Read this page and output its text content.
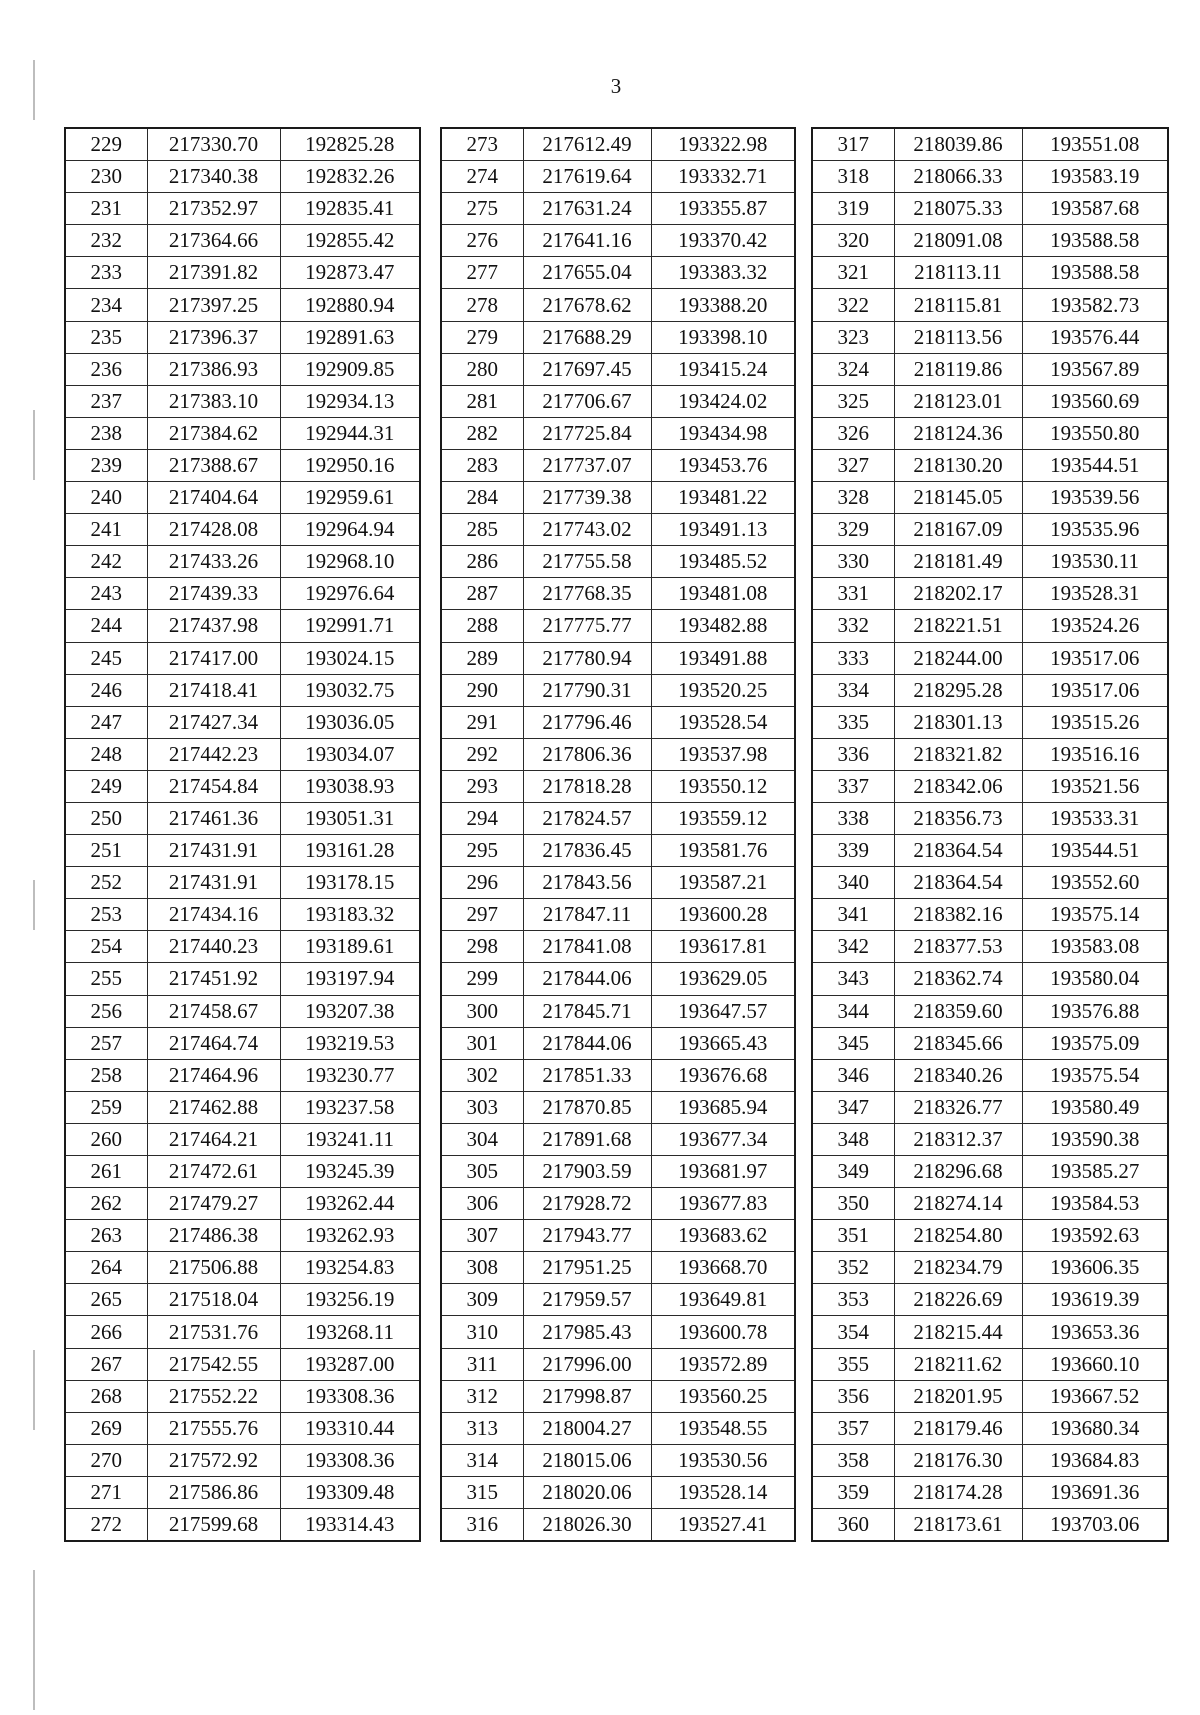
3
229	217330.70	192825.28
230	217340.38	192832.26
231	217352.97	192835.41
232	217364.66	192855.42
233	217391.82	192873.47
234	217397.25	192880.94
235	217396.37	192891.63
236	217386.93	192909.85
237	217383.10	192934.13
238	217384.62	192944.31
239	217388.67	192950.16
240	217404.64	192959.61
241	217428.08	192964.94
242	217433.26	192968.10
243	217439.33	192976.64
244	217437.98	192991.71
245	217417.00	193024.15
246	217418.41	193032.75
247	217427.34	193036.05
248	217442.23	193034.07
249	217454.84	193038.93
250	217461.36	193051.31
251	217431.91	193161.28
252	217431.91	193178.15
253	217434.16	193183.32
254	217440.23	193189.61
255	217451.92	193197.94
256	217458.67	193207.38
257	217464.74	193219.53
258	217464.96	193230.77
259	217462.88	193237.58
260	217464.21	193241.11
261	217472.61	193245.39
262	217479.27	193262.44
263	217486.38	193262.93
264	217506.88	193254.83
265	217518.04	193256.19
266	217531.76	193268.11
267	217542.55	193287.00
268	217552.22	193308.36
269	217555.76	193310.44
270	217572.92	193308.36
271	217586.86	193309.48
272	217599.68	193314.43
273	217612.49	193322.98
274	217619.64	193332.71
275	217631.24	193355.87
276	217641.16	193370.42
277	217655.04	193383.32
278	217678.62	193388.20
279	217688.29	193398.10
280	217697.45	193415.24
281	217706.67	193424.02
282	217725.84	193434.98
283	217737.07	193453.76
284	217739.38	193481.22
285	217743.02	193491.13
286	217755.58	193485.52
287	217768.35	193481.08
288	217775.77	193482.88
289	217780.94	193491.88
290	217790.31	193520.25
291	217796.46	193528.54
292	217806.36	193537.98
293	217818.28	193550.12
294	217824.57	193559.12
295	217836.45	193581.76
296	217843.56	193587.21
297	217847.11	193600.28
298	217841.08	193617.81
299	217844.06	193629.05
300	217845.71	193647.57
301	217844.06	193665.43
302	217851.33	193676.68
303	217870.85	193685.94
304	217891.68	193677.34
305	217903.59	193681.97
306	217928.72	193677.83
307	217943.77	193683.62
308	217951.25	193668.70
309	217959.57	193649.81
310	217985.43	193600.78
311	217996.00	193572.89
312	217998.87	193560.25
313	218004.27	193548.55
314	218015.06	193530.56
315	218020.06	193528.14
316	218026.30	193527.41
317	218039.86	193551.08
318	218066.33	193583.19
319	218075.33	193587.68
320	218091.08	193588.58
321	218113.11	193588.58
322	218115.81	193582.73
323	218113.56	193576.44
324	218119.86	193567.89
325	218123.01	193560.69
326	218124.36	193550.80
327	218130.20	193544.51
328	218145.05	193539.56
329	218167.09	193535.96
330	218181.49	193530.11
331	218202.17	193528.31
332	218221.51	193524.26
333	218244.00	193517.06
334	218295.28	193517.06
335	218301.13	193515.26
336	218321.82	193516.16
337	218342.06	193521.56
338	218356.73	193533.31
339	218364.54	193544.51
340	218364.54	193552.60
341	218382.16	193575.14
342	218377.53	193583.08
343	218362.74	193580.04
344	218359.60	193576.88
345	218345.66	193575.09
346	218340.26	193575.54
347	218326.77	193580.49
348	218312.37	193590.38
349	218296.68	193585.27
350	218274.14	193584.53
351	218254.80	193592.63
352	218234.79	193606.35
353	218226.69	193619.39
354	218215.44	193653.36
355	218211.62	193660.10
356	218201.95	193667.52
357	218179.46	193680.34
358	218176.30	193684.83
359	218174.28	193691.36
360	218173.61	193703.06
